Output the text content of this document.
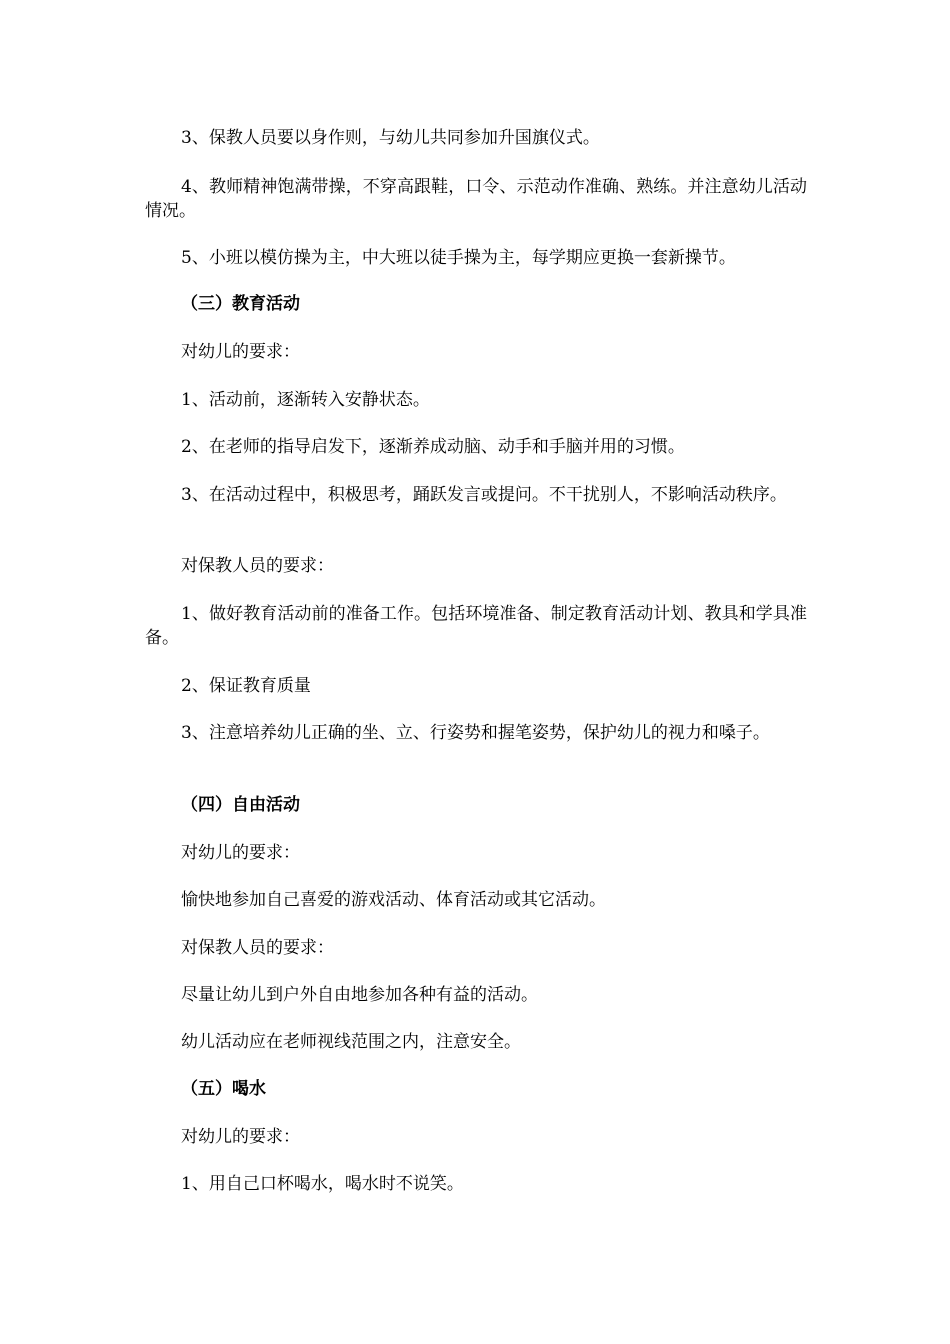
3、保教人员要以身作则，与幼儿共同参加升国旗仪式。

4、教师精神饱满带操，不穿高跟鞋，口令、示范动作准确、熟练。并注意幼儿活动情况。

5、小班以模仿操为主，中大班以徒手操为主，每学期应更换一套新操节。

（三）教育活动

对幼儿的要求：

1、活动前，逐渐转入安静状态。

2、在老师的指导启发下，逐渐养成动脑、动手和手脑并用的习惯。

3、在活动过程中，积极思考，踊跃发言或提问。不干扰别人，不影响活动秩序。

对保教人员的要求：

1、做好教育活动前的准备工作。包括环境准备、制定教育活动计划、教具和学具准备。

2、保证教育质量

3、注意培养幼儿正确的坐、立、行姿势和握笔姿势，保护幼儿的视力和嗓子。

（四）自由活动

对幼儿的要求：

愉快地参加自己喜爱的游戏活动、体育活动或其它活动。

对保教人员的要求：

尽量让幼儿到户外自由地参加各种有益的活动。

幼儿活动应在老师视线范围之内，注意安全。

（五）喝水

对幼儿的要求：

1、用自己口杯喝水，喝水时不说笑。
